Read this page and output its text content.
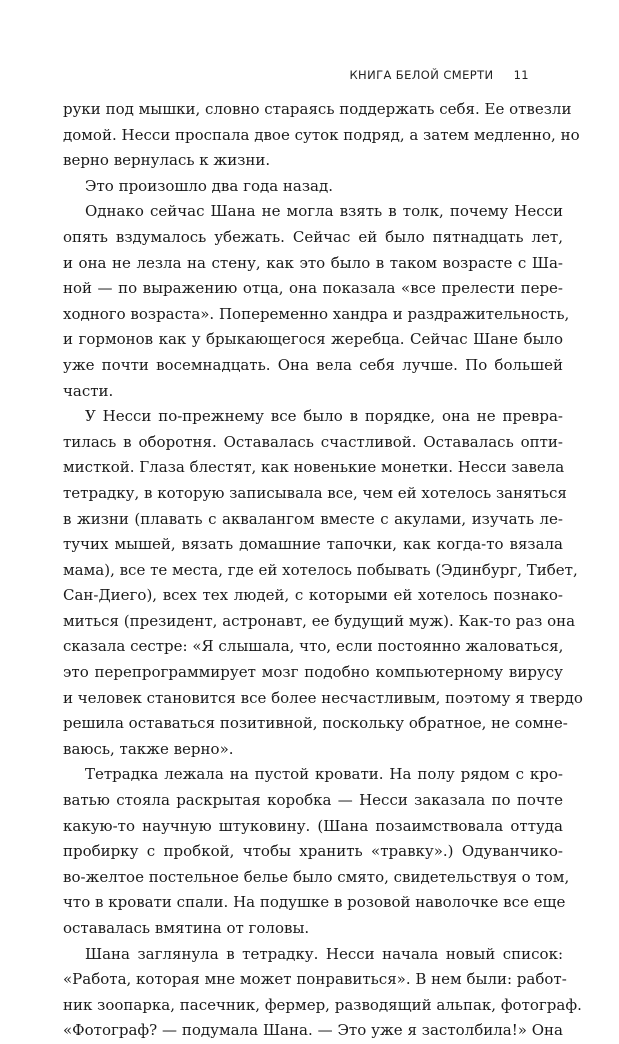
КНИГА БЕЛОЙ СМЕРТИ 11
руки под мышки, словно стараясь поддержать себя. Ее отвезли
домой. Несси проспала двое суток подряд, а затем медленно, но
верно вернулась к жизни.
Это произошло два года назад.
Однако сейчас Шана не могла взять в толк, почему Несси
опять вздумалось убежать. Сейчас ей было пятнадцать лет,
и она не лезла на стену, как это было в таком возрасте с Ша-
ной — по выражению отца, она показала «все прелести пере-
ходного возраста». Попеременно хандра и раздражительность,
и гормонов как у брыкающегося жеребца. Сейчас Шане было
уже почти восемнадцать. Она вела себя лучше. По большей
части.
У Несси по-прежнему все было в порядке, она не превра-
тилась в оборотня. Оставалась счастливой. Оставалась опти-
мисткой. Глаза блестят, как новенькие монетки. Несси завела
тетрадку, в которую записывала все, чем ей хотелось заняться
в жизни (плавать с аквалангом вместе с акулами, изучать ле-
тучих мышей, вязать домашние тапочки, как когда-то вязала
мама), все те места, где ей хотелось побывать (Эдинбург, Тибет,
Сан-Диего), всех тех людей, с которыми ей хотелось познако-
миться (президент, астронавт, ее будущий муж). Как-то раз она
сказала сестре: «Я слышала, что, если постоянно жаловаться,
это перепрограммирует мозг подобно компьютерному вирусу
и человек становится все более несчастливым, поэтому я твердо
решила оставаться позитивной, поскольку обратное, не сомне-
ваюсь, также верно».
Тетрадка лежала на пустой кровати. На полу рядом с кро-
ватью стояла раскрытая коробка — Несси заказала по почте
какую-то научную штуковину. (Шана позаимствовала оттуда
пробирку с пробкой, чтобы хранить «травку».) Одуванчико-
во-желтое постельное белье было смято, свидетельствуя о том,
что в кровати спали. На подушке в розовой наволочке все еще
оставалась вмятина от головы.
Шана заглянула в тетрадку. Несси начала новый список:
«Работа, которая мне может понравиться». В нем были: работ-
ник зоопарка, пасечник, фермер, разводящий альпак, фотограф.
«Фотограф? — подумала Шана. — Это уже я застолбила!» Она
